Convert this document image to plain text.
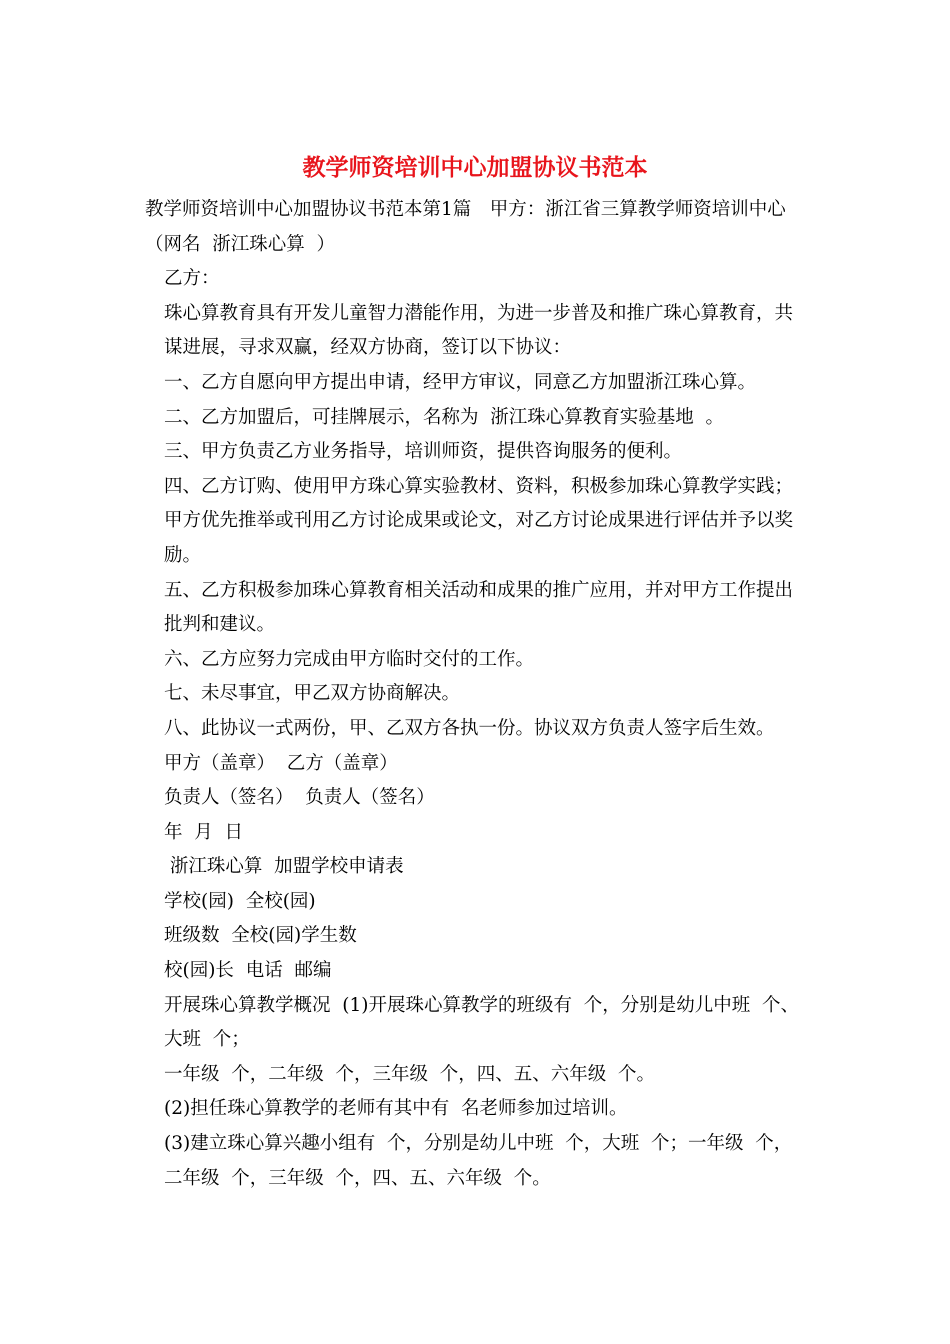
教学师资培训中心加盟协议书范本

教学师资培训中心加盟协议书范本第1篇　甲方：浙江省三算教学师资培训中心（网名  浙江珠心算  ）

乙方：

珠心算教育具有开发儿童智力潜能作用，为进一步普及和推广珠心算教育，共谋进展，寻求双赢，经双方协商，签订以下协议：

一、乙方自愿向甲方提出申请，经甲方审议，同意乙方加盟浙江珠心算。

二、乙方加盟后，可挂牌展示，名称为  浙江珠心算教育实验基地  。

三、甲方负责乙方业务指导，培训师资，提供咨询服务的便利。

四、乙方订购、使用甲方珠心算实验教材、资料，积极参加珠心算教学实践；甲方优先推举或刊用乙方讨论成果或论文，对乙方讨论成果进行评估并予以奖励。

五、乙方积极参加珠心算教育相关活动和成果的推广应用，并对甲方工作提出批判和建议。

六、乙方应努力完成由甲方临时交付的工作。

七、未尽事宜，甲乙双方协商解决。

八、此协议一式两份，甲、乙双方各执一份。协议双方负责人签字后生效。

甲方（盖章）  乙方（盖章）

负责人（签名）  负责人（签名）

年  月  日

浙江珠心算  加盟学校申请表

学校(园)  全校(园)

班级数  全校(园)学生数

校(园)长  电话  邮编

开展珠心算教学概况  (1)开展珠心算教学的班级有  个，分别是幼儿中班  个、大班  个；

一年级  个，二年级  个，三年级  个，四、五、六年级  个。

(2)担任珠心算教学的老师有其中有  名老师参加过培训。

(3)建立珠心算兴趣小组有  个，分别是幼儿中班  个，大班  个；一年级  个，二年级  个，三年级  个，四、五、六年级  个。
